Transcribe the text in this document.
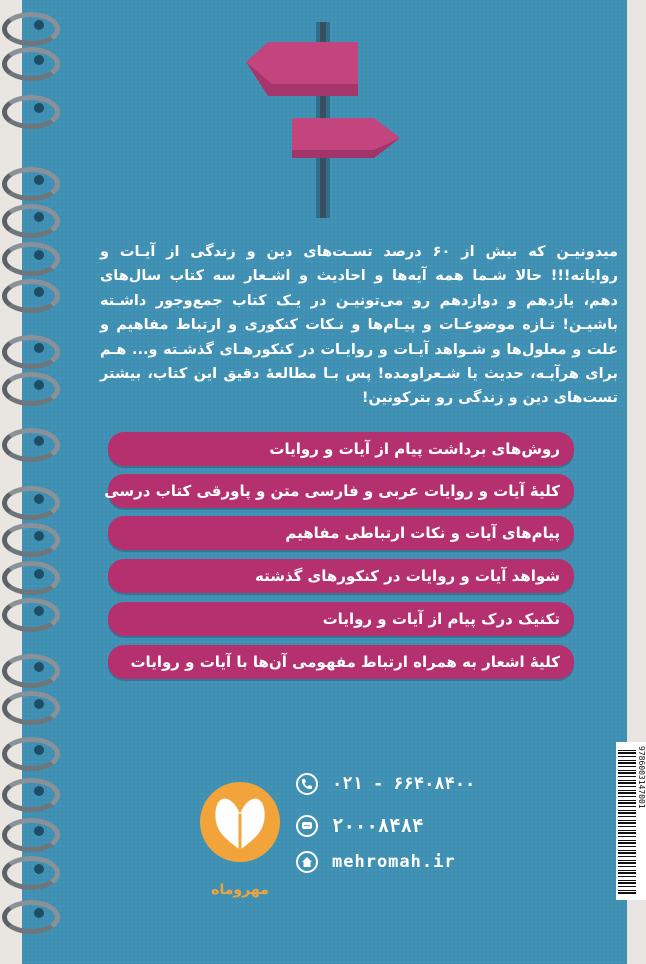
میدونیـن که بیش از ۶۰ درصد تسـت‌های دین و زندگی از آیـات و روایاته!!! حالا شـما همه آیه‌ها و احادیث و اشـعار سه کتاب سال‌های دهم، یازدهم و دوازدهم رو می‌تونیـن در یـک کتاب جمع‌وجور داشـته باشیـن! تـازه موضوعـات و پیـام‌ها و نـکات کنکوری و ارتباط مفاهیم و علت و معلول‌ها و شـواهد آیـات و روایـات در کنکورهـای گذشـته و... هـم برای هرآیـه، حدیث یا شـعراومده! پس بـا مطالعهٔ دقیق این کتاب، بیشتر تست‌های دین و زندگی رو بترکونین!
روش‌های برداشت پیام از آیات و روایات
کلیهٔ آیات و روایات عربی و فارسی متن و پاورقی کتاب درسی
پیام‌های آیات و نکات ارتباطی مفاهیم
شواهد آیات و روایات در کنکورهای گذشته
تکنیک درک پیام از آیات و روایات
کلیهٔ اشعار به همراه ارتباط مفهومی آن‌ها با آیات و روایات
مهروماه
۰۲۱ - ۶۶۴۰۸۴۰۰
۲۰۰۰۸۴۸۴
mehromah.ir
9786003147001
